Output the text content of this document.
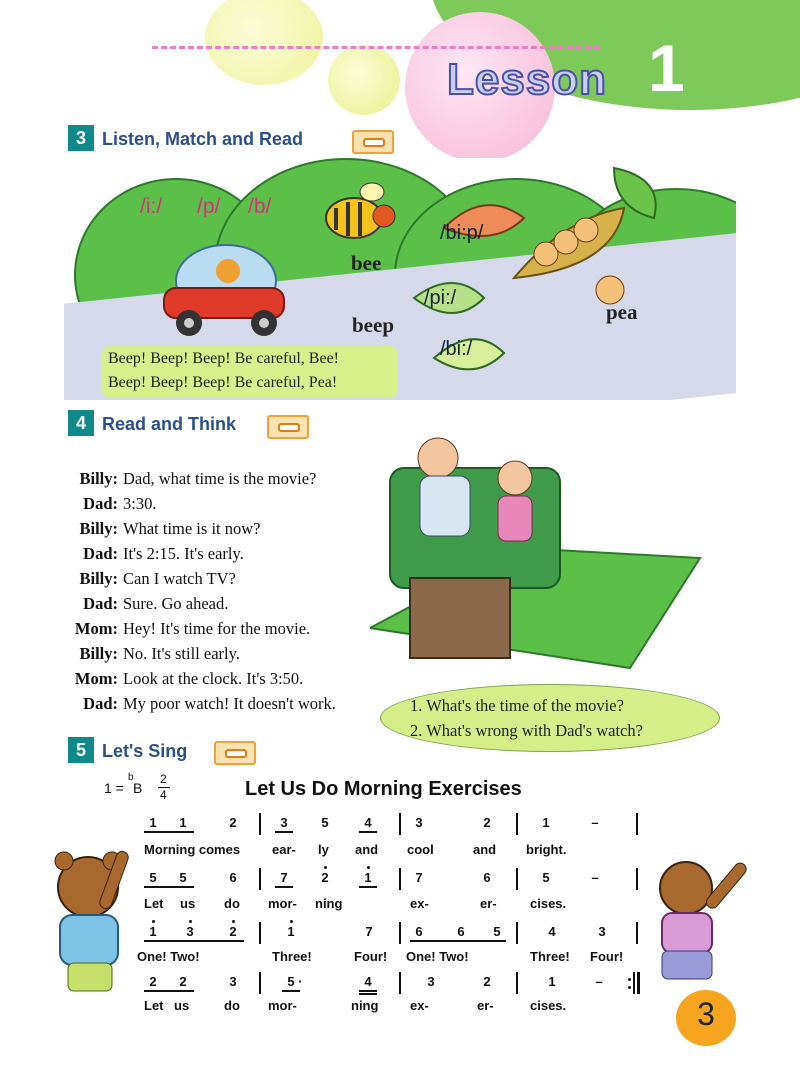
Lesson 1
3 Listen, Match and Read
/i:/ /p/ /b/
/bi:p/
/pi:/
/bi:/
bee
beep
pea
Beep! Beep! Beep! Be careful, Bee!
Beep! Beep! Beep! Be careful, Pea!
4 Read and Think
Billy: Dad, what time is the movie?
Dad: 3:30.
Billy: What time is it now?
Dad: It's 2:15. It's early.
Billy: Can I watch TV?
Dad: Sure. Go ahead.
Mom: Hey! It's time for the movie.
Billy: No. It's still early.
Mom: Look at the clock. It's 3:50.
Dad: My poor watch! It doesn't work.	1. What's the time of the movie?
2. What's wrong with Dad's watch?
5 Let's Sing
1 =
b
B
2
4	Let Us Do Morning Exercises
1	1	2	3	5	4	3	2	1	–
Morning comes ear- ly and cool	and bright.
5	5	6	7	2	1	7	6	5	–
Let us do mor- ning	ex-	er-	cises.
1	3	2	1	7	6	6	5	4	3
One! Two!	Three!	Four! One! Two!	Three! Four!
2	2	3	5 ·	4	3	2	1	–
Let us	do mor-	ning ex-	er-	cises.	3
